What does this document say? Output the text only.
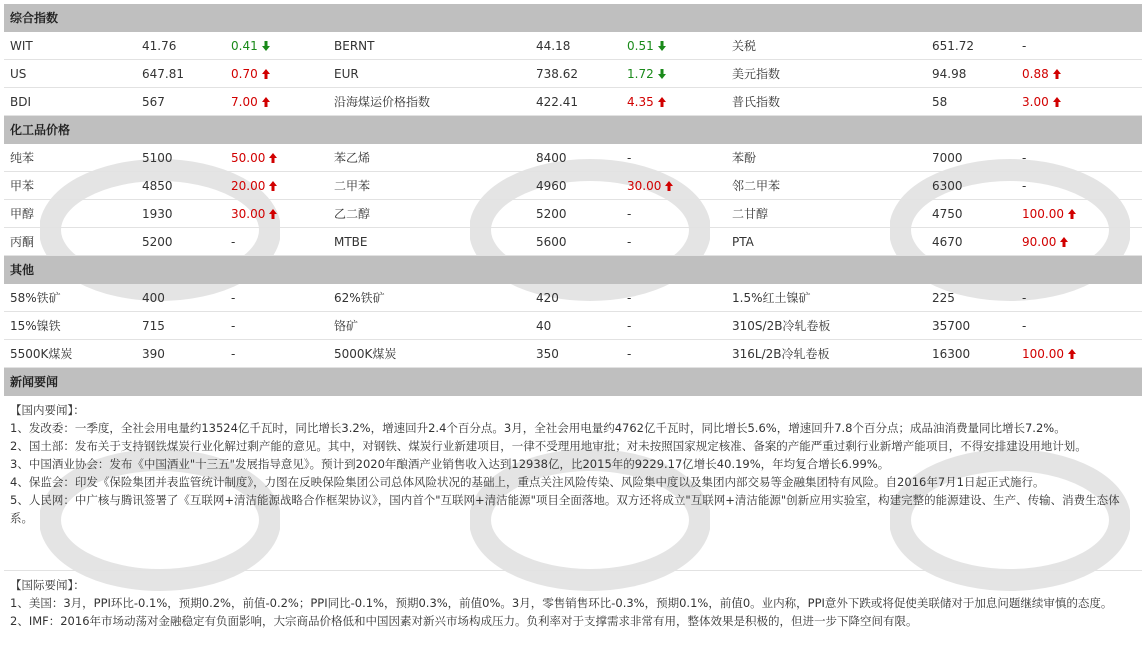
综合指数
WIT	41.76	0.41	BERNT	44.18	0.51	关税	651.72	-
US	647.81	0.70	EUR	738.62	1.72	美元指数	94.98	0.88
BDI	567	7.00	沿海煤运价格指数	422.41	4.35	普氏指数	58	3.00
化工品价格
纯苯	5100	50.00	苯乙烯	8400	-	苯酚	7000	-
甲苯	4850	20.00	二甲苯	4960	30.00	邻二甲苯	6300	-
甲醇	1930	30.00	乙二醇	5200	-	二甘醇	4750	100.00
丙酮	5200	-	MTBE	5600	-	PTA	4670	90.00
其他
58%铁矿	400	-	62%铁矿	420	-	1.5%红土镍矿	225	-
15%镍铁	715	-	铬矿	40	-	310S/2B冷轧卷板	35700	-
5500K煤炭	390	-	5000K煤炭	350	-	316L/2B冷轧卷板	16300	100.00
新闻要闻

【国内要闻】：

1、发改委：一季度，全社会用电量约13524亿千瓦时，同比增长3.2%，增速回升2.4个百分点。3月，全社会用电量约4762亿千瓦时，同比增长5.6%，增速回升7.8个百分点；成品油消费量同比增长7.2%。
2、国土部：发布关于支持钢铁煤炭行业化解过剩产能的意见。其中，对钢铁、煤炭行业新建项目，一律不受理用地审批；对未按照国家规定核准、备案的产能严重过剩行业新增产能项目，不得安排建设用地计划。
3、中国酒业协会：发布《中国酒业"十三五"发展指导意见》。预计到2020年酿酒产业销售收入达到12938亿，比2015年的9229.17亿增长40.19%，年均复合增长6.99%。
4、保监会：印发《保险集团并表监管统计制度》，力图在反映保险集团公司总体风险状况的基础上，重点关注风险传染、风险集中度以及集团内部交易等金融集团特有风险。自2016年7月1日起正式施行。
5、人民网：中广核与腾讯签署了《互联网+清洁能源战略合作框架协议》，国内首个"互联网+清洁能源"项目全面落地。双方还将成立"互联网+清洁能源"创新应用实验室，构建完整的能源建设、生产、传输、消费生态体系。

【国际要闻】：

1、美国：3月，PPI环比-0.1%，预期0.2%，前值-0.2%；PPI同比-0.1%，预期0.3%，前值0%。3月，零售销售环比-0.3%，预期0.1%，前值0。业内称，PPI意外下跌或将促使美联储对于加息问题继续审慎的态度。
2、IMF：2016年市场动荡对金融稳定有负面影响，大宗商品价格低和中国因素对新兴市场构成压力。负利率对于支撑需求非常有用，整体效果是积极的，但进一步下降空间有限。
